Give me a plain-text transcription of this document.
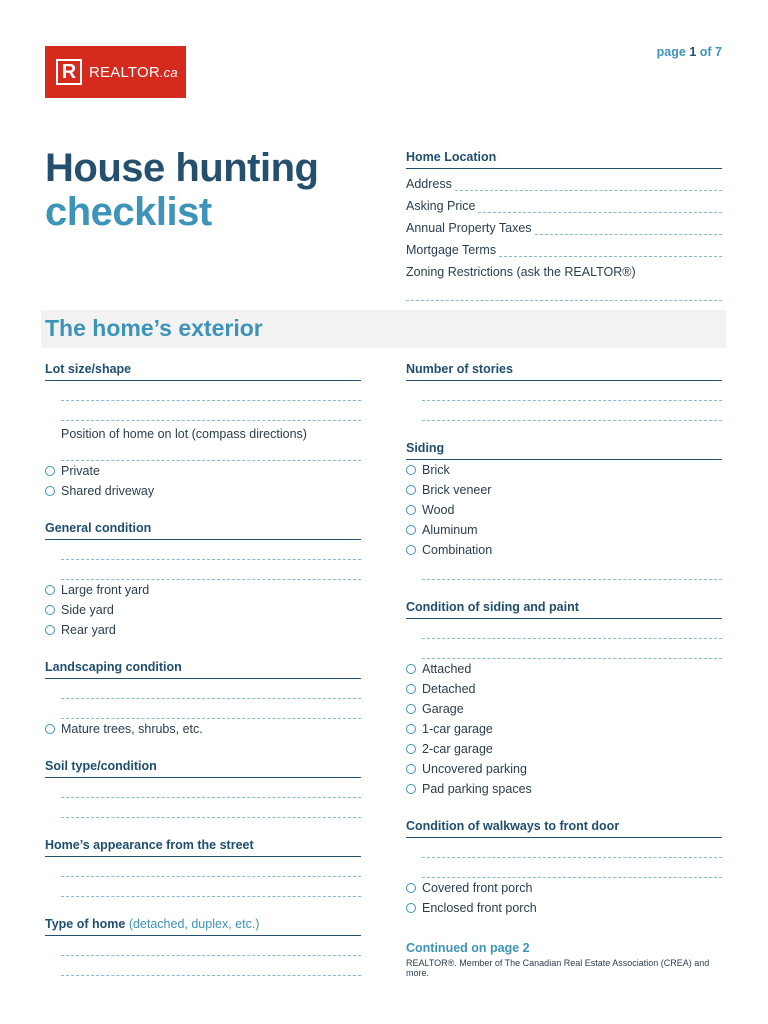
R REALTOR.ca
page 1 of 7
House hunting
checklist
Home Location
Address
Asking Price
Annual Property Taxes
Mortgage Terms
Zoning Restrictions (ask the REALTOR®)
The home’s exterior
Lot size/shape
Position of home on lot (compass directions)
Private
Shared driveway
General condition
Large front yard
Side yard
Rear yard
Landscaping condition
Mature trees, shrubs, etc.
Soil type/condition
Home’s appearance from the street
Type of home (detached, duplex, etc.)
Number of stories
Siding
Brick
Brick veneer
Wood
Aluminum
Combination
Condition of siding and paint
Attached
Detached
Garage
1-car garage
2-car garage
Uncovered parking
Pad parking spaces
Condition of walkways to front door
Covered front porch
Enclosed front porch
Continued on page 2
REALTOR®. Member of The Canadian Real Estate Association (CREA) and more.
